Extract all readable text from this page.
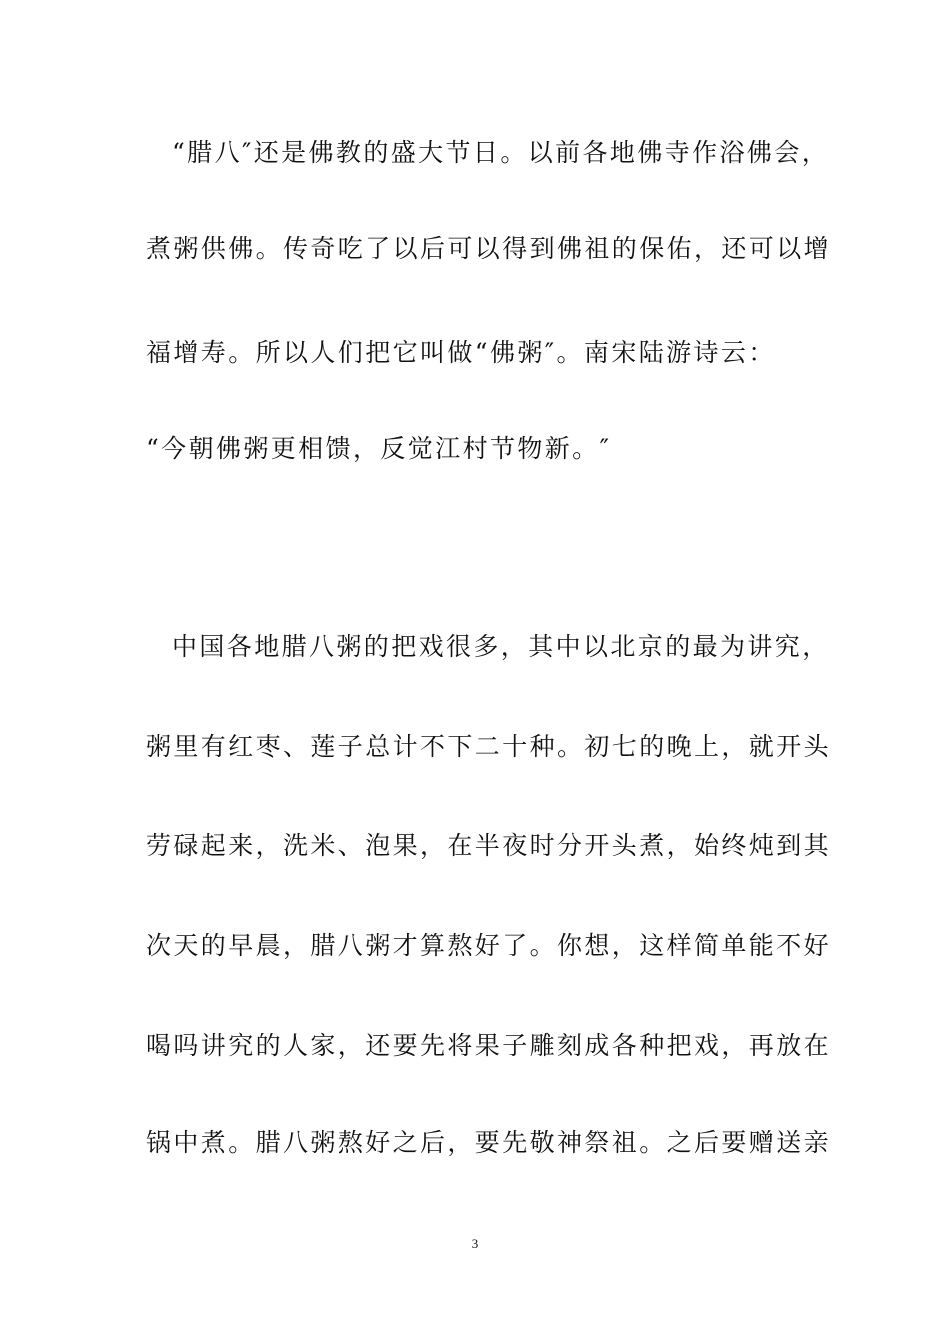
“腊八″还是佛教的盛大节日。以前各地佛寺作浴佛会，
煮粥供佛。传奇吃了以后可以得到佛祖的保佑，还可以增
福增寿。所以人们把它叫做“佛粥″。南宋陆游诗云：
“今朝佛粥更相馈，反觉江村节物新。″
中国各地腊八粥的把戏很多，其中以北京的最为讲究，
粥里有红枣、莲子总计不下二十种。初七的晚上，就开头
劳碌起来，洗米、泡果，在半夜时分开头煮，始终炖到其
次天的早晨，腊八粥才算熬好了。你想，这样简单能不好
喝吗讲究的人家，还要先将果子雕刻成各种把戏，再放在
锅中煮。腊八粥熬好之后，要先敬神祭祖。之后要赠送亲
3
